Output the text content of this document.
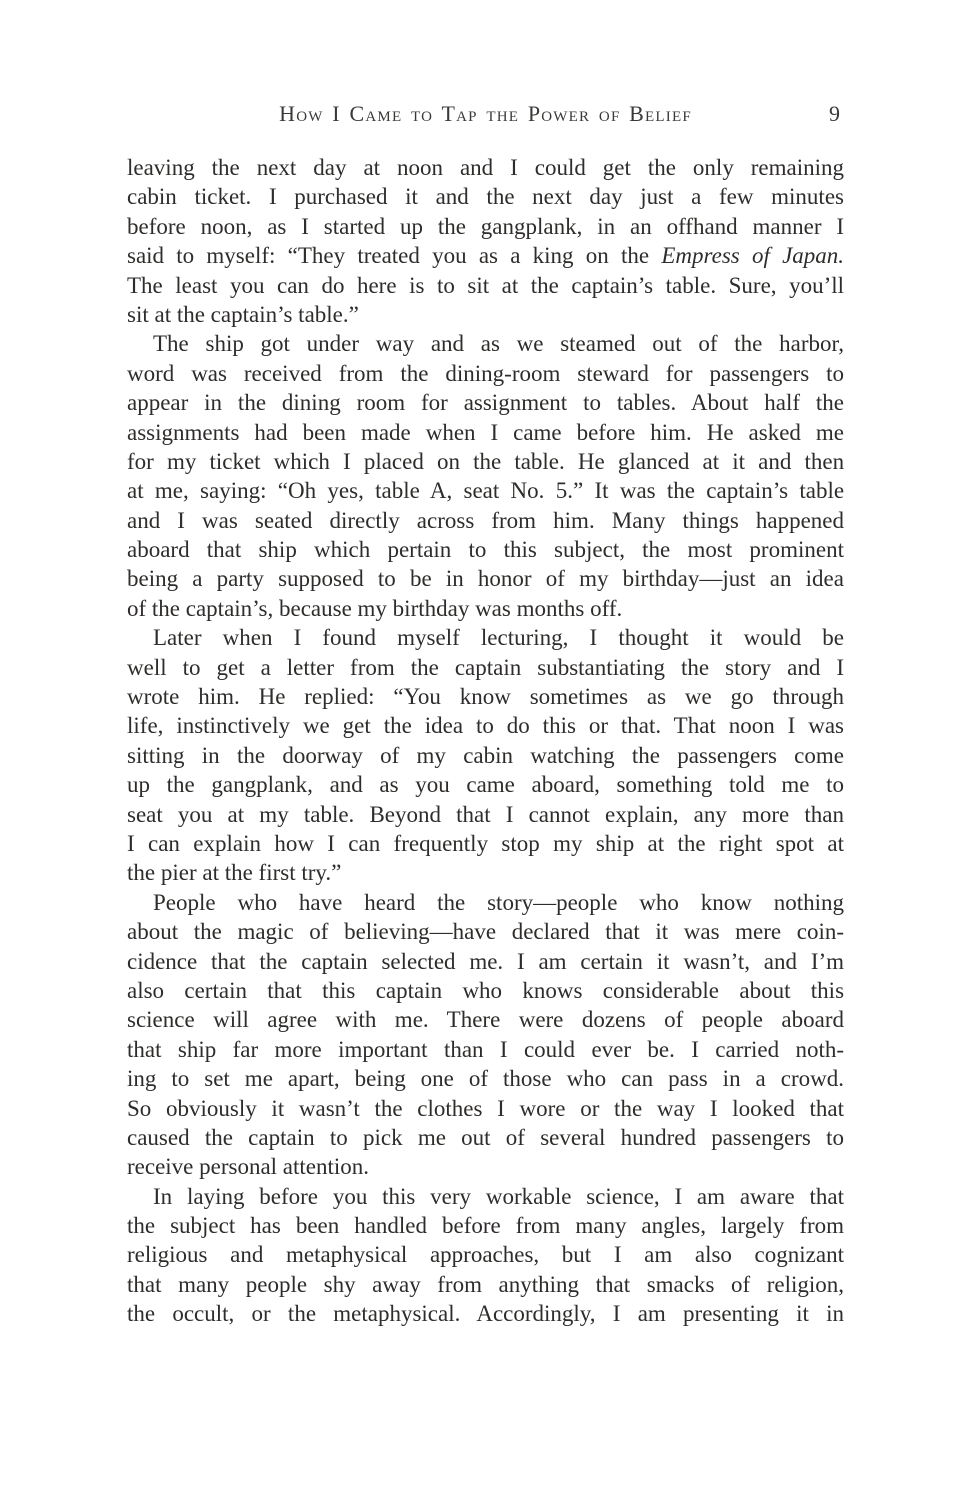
How I Came to Tap the Power of Belief	9
leaving the next day at noon and I could get the only remaining
cabin ticket. I purchased it and the next day just a few minutes
before noon, as I started up the gangplank, in an offhand manner I
said to myself: “They treated you as a king on the Empress of Japan.
The least you can do here is to sit at the captain’s table. Sure, you’ll
sit at the captain’s table.”
The ship got under way and as we steamed out of the harbor,
word was received from the dining-room steward for passengers to
appear in the dining room for assignment to tables. About half the
assignments had been made when I came before him. He asked me
for my ticket which I placed on the table. He glanced at it and then
at me, saying: “Oh yes, table A, seat No. 5.” It was the captain’s table
and I was seated directly across from him. Many things happened
aboard that ship which pertain to this subject, the most prominent
being a party supposed to be in honor of my birthday—just an idea
of the captain’s, because my birthday was months off.
Later when I found myself lecturing, I thought it would be
well to get a letter from the captain substantiating the story and I
wrote him. He replied: “You know sometimes as we go through
life, instinctively we get the idea to do this or that. That noon I was
sitting in the doorway of my cabin watching the passengers come
up the gangplank, and as you came aboard, something told me to
seat you at my table. Beyond that I cannot explain, any more than
I can explain how I can frequently stop my ship at the right spot at
the pier at the first try.”
People who have heard the story—people who know nothing
about the magic of believing—have declared that it was mere coin-
cidence that the captain selected me. I am certain it wasn’t, and I’m
also certain that this captain who knows considerable about this
science will agree with me. There were dozens of people aboard
that ship far more important than I could ever be. I carried noth-
ing to set me apart, being one of those who can pass in a crowd.
So obviously it wasn’t the clothes I wore or the way I looked that
caused the captain to pick me out of several hundred passengers to
receive personal attention.
In laying before you this very workable science, I am aware that
the subject has been handled before from many angles, largely from
religious and metaphysical approaches, but I am also cognizant
that many people shy away from anything that smacks of religion,
the occult, or the metaphysical. Accordingly, I am presenting it in
